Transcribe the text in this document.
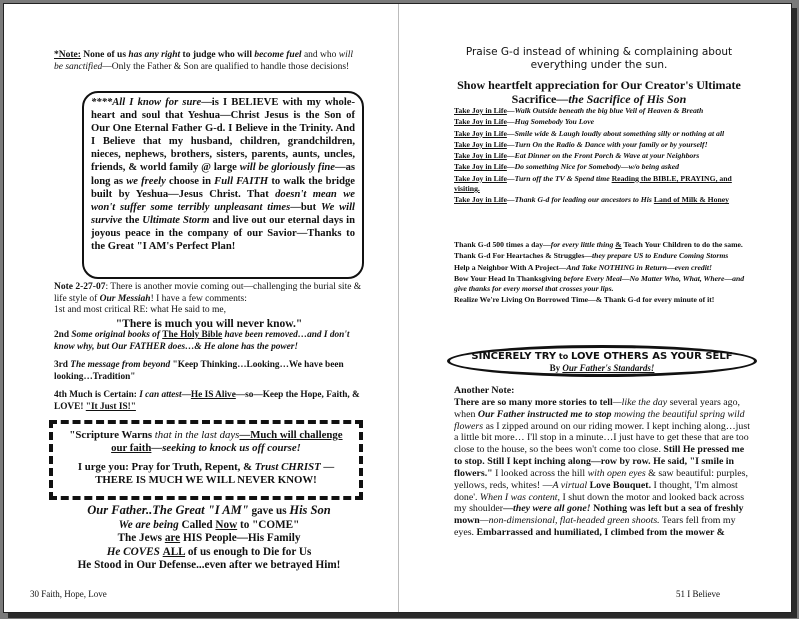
*Note: None of us has any right to judge who will become fuel and who will be sanctified—Only the Father & Son are qualified to handle those decisions!
****All I know for sure—is I BELIEVE with my whole-heart and soul that Yeshua—Christ Jesus is the Son of Our One Eternal Father G-d. I Believe in the Trinity. And I Believe that my husband, children, grandchildren, nieces, nephews, brothers, sisters, parents, aunts, uncles, friends, & world family @ large will be gloriously fine—as long as we freely choose in Full FAITH to walk the bridge built by Yeshua—Jesus Christ. That doesn't mean we won't suffer some terribly unpleasant times—but We will survive the Ultimate Storm and live out our eternal days in joyous peace in the company of our Savior—Thanks to the Great "I AM's Perfect Plan!
Note 2-27-07: There is another movie coming out—challenging the burial site & life style of Our Messiah! I have a few comments:
1st and most critical RE: what He said to me,
"There is much you will never know."
2nd Some original books of The Holy Bible have been removed…and I don't know why, but Our FATHER does…& He alone has the power!
3rd The message from beyond "Keep Thinking…Looking…We have been looking…Tradition"
4th Much is Certain: I can attest—He IS Alive—so—Keep the Hope, Faith, & LOVE! "It Just IS!"
"Scripture Warns that in the last days—Much will challenge our faith—seeking to knock us off course!
I urge you: Pray for Truth, Repent, & Trust CHRIST — THERE IS MUCH WE WILL NEVER KNOW!
Our Father..The Great "I AM" gave us His Son
We are being Called Now to "COME"
The Jews are HIS People—His Family
He COVES ALL of us enough to Die for Us
He Stood in Our Defense...even after we betrayed Him!
30 Faith, Hope, Love
Praise G-d instead of whining & complaining about
everything under the sun.
Show heartfelt appreciation for Our Creator's Ultimate
Sacrifice—the Sacrifice of His Son

Take Joy in Life—Walk Outside beneath the big blue Veil of Heaven & Breath

Take Joy in Life—Hug Somebody You Love

Take Joy in Life—Smile wide & Laugh loudly about something silly or nothing at all

Take Joy in Life—Turn On the Radio & Dance with your family or by yourself!

Take Joy in Life—Eat Dinner on the Front Porch & Wave at your Neighbors

Take Joy in Life—Do something Nice for Somebody—w/o being asked

Take Joy in Life—Turn off the TV & Spend time Reading the BIBLE, PRAYING, and visiting.

Take Joy in Life—Thank G-d for leading our ancestors to His Land of Milk & Honey

Thank G-d 500 times a day—for every little thing & Teach Your Children to do the same.

Thank G-d For Heartaches & Struggles—they prepare US to Endure Coming Storms

Help a Neighbor With A Project—And Take NOTHING in Return—even credit!

Bow Your Head In Thanksgiving before Every Meal—No Matter Who, What, Where—and give thanks for every morsel that crosses your lips.

Realize We're Living On Borrowed Time—& Thank G-d for every minute of it!

SINCERELY TRY to LOVE OTHERS AS YOUR SELF
By Our Father's Standards!
Another Note:
There are so many more stories to tell—like the day several years ago, when Our Father instructed me to stop mowing the beautiful spring wild flowers as I zipped around on our riding mower. I kept inching along…just a little bit more… I'll stop in a minute…I just have to get these that are too close to the house, so the bees won't come too close. Still He pressed me to stop. Still I kept inching along—row by row. He said, "I smile in flowers." I looked across the hill with open eyes & saw beautiful: purples, yellows, reds, whites! —A virtual Love Bouquet. I thought, 'I'm almost done'. When I was content, I shut down the motor and looked back across my shoulder—they were all gone! Nothing was left but a sea of freshly mown—non-dimensional, flat-headed green shoots. Tears fell from my eyes. Embarrassed and humiliated, I climbed from the mower &
51 I Believe
